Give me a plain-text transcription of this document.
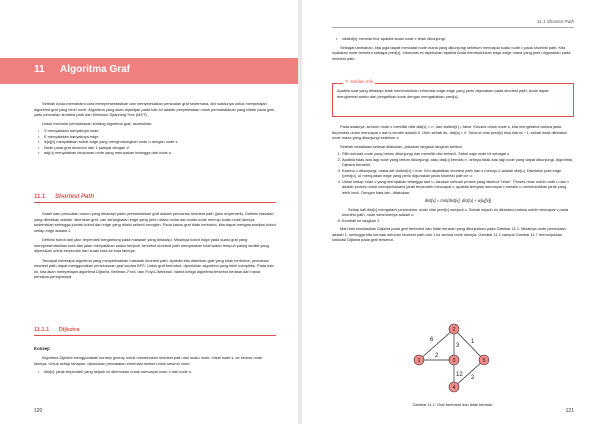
11 Algoritma Graf

Setelah Anda memahami cara merepresentasikan dan menyelesaikan persoalan graf sederhana, kini waktunya untuk mempelajari algoritma graf yang lebih rumit. Algoritma yang akan dipelajari pada bab ini adalah penyelesaian untuk permasalahan yang klasik pada graf, yaitu pencarian shortest path dan Minimum Spanning Tree (MST).

Untuk memulai pembahasan tentang algoritma graf, asumsikan:

• V menyatakan banyaknya node.
• E menyatakan banyaknya edge.
• w[u][v] menyatakan bobot edge yang menghubungkan node u dengan node v.
• Node pada graf dinomori dari 1 sampai dengan V.
• adj(u) menyatakan himpunan node yang merupakan tetangga dari node u.

11.1 Shortest Path

Salah satu persoalan umum yang dihadapi pada permasalahan graf adalah pencarian shortest path (jalur terpendek). Definisi masalah yang diberikan adalah: diberikan graf, cari serangkaian edge yang perlu dilalui mulai dari suatu node menuju suatu node lainnya, sedemikian sehingga jumlah bobot dari edge yang dilalui sekecil mungkin. Pada kasus graf tidak berbobot, kita dapat mengasumsikan bobot setiap edge adalah 1.

Definisi bobot dari jalur terpendek bergantung pada masalah yang dihadapi. Misalnya bobot edge pada suatu graf yang merepresentasikan kota dan jalan menyatakan waktu tempuh, tersebut shortest path menyatakan total waktu tempuh paling sedikit yang diperlukan untuk berpindah dari suatu kota ke kota lainnya.

Terdapat beberapa algoritma yang menyelesaikan masalah shortest path. Apabila kita diberikan graf yang tidak berbobot, pencarian shortest path dapat menggunakan penelusuran graf secara BFS. Untuk graf berbobot, diperlukan algoritma yang lebih kompleks. Pada bab ini, kita akan mempelajari algoritma Dijkstra, Bellman–Ford, dan Floyd–Warshall. Nama ketiga algoritma tersebut berasal dari nama pencipta-penciptanya.

11.1.1 Dijkstra

Konsep

Algoritma Dijkstra menggunakan konsep greedy untuk menemukan shortest path dari suatu node, misal node s, ke semua node lainnya. Untuk setiap tahapan, diperlukan pencatatan informasi berikut untuk seluruh node:

• dist[x]: jarak terpendek yang sejauh ini ditemukan untuk mencapai node x dari node s.
120
11.1 Shortest Path
• visited[x]: bernilai true apabila suatu node x telah dikunjungi.

Sebagai tambahan, kita juga dapat mencatat node mana yang dikunjungi sebelum mencapai suatu node x pada shortest path. Kita nyatakan node tersebut sebagai pred[x]. Informasi ini diperlukan apabila Anda membutuhkan edge-edge mana yang perlu digunakan pada shortest path.

✎ Sekilas Info

Apabila soal yang dihadapi tidak membutuhkan informasi edge-edge yang perlu digunakan pada shortest path, Anda dapat menghemat waktu dan pengetikan kode dengan mengabaikan pred[x].

Pada awalnya, seluruh node x memiliki nilai dist[x] = ∞, dan visited[x] = false. Khusus untuk node s, kita mengetahui bahwa jarak terpendek untuk mencapai s dari s sendiri adalah 0. Oleh sebab itu, dist[s] = 0. Seluruh nilai pred[x] bisa kita isi −1, sebab tidak diketahui node mana yang dikunjungi sebelum x.

Setelah inisialisasi selesai dilakukan, jalankan langkah-langkah berikut:

1. Pilih sebuah node yang belum dikunjungi dan memiliki dist terkecil. Sebut saja node ini sebagai u.
2. Apabila tidak ada lagi node yang belum dikunjungi, atau dist[u] bernilai ∞, artinya tidak ada lagi node yang dapat dikunjungi. Algoritma Dijkstra berakhir.
3. Karena u dikunjungi, maka set visited[u] = true. Kini dipastikan shortest path dari s menuju u adalah dist[u]. Diketahui pula edge ⟨pred[u], u⟩ merupakan edge yang perlu digunakan pada shortest path ke u.
4. Untuk setiap node v yang merupakan tetangga dari u, lakukan sebuah proses yang disebut "relax". Proses relax untuk node u dan v adalah proses untuk memperbaharui jarak terpendek mencapai v, apabila ternyata mencapai v melalui u membutuhkan jarak yang lebih kecil. Dengan kata lain, dilakukan:

dist[v] = min(dist[v], dist[u] + w[u][v])

Setiap kali dist[v] mengalami perubahan, ubah nilai pred[v] menjadi u. Sebab sejauh ini diketahui bahwa untuk mencapai v pada shortest path, node sebelumnya adalah u.

5. Kembali ke langkah 1.

Mari kita simulasikan Dijkstra pada graf berbobot dan tidak berarah yang ditunjukkan pada Gambar 11.1. Misalnya node permulaan adalah 1, sehingga kita hendak mencari shortest path dari 1 ke semua node lainnya. Gambar 11.2 sampai Gambar 11.7 menunjukkan simulasi Dijkstra pada graf tersebut.

6
2
3
1
12 2
1
2
3
4
5

Gambar 11.1: Graf berbobot dan tidak berarah.

121
